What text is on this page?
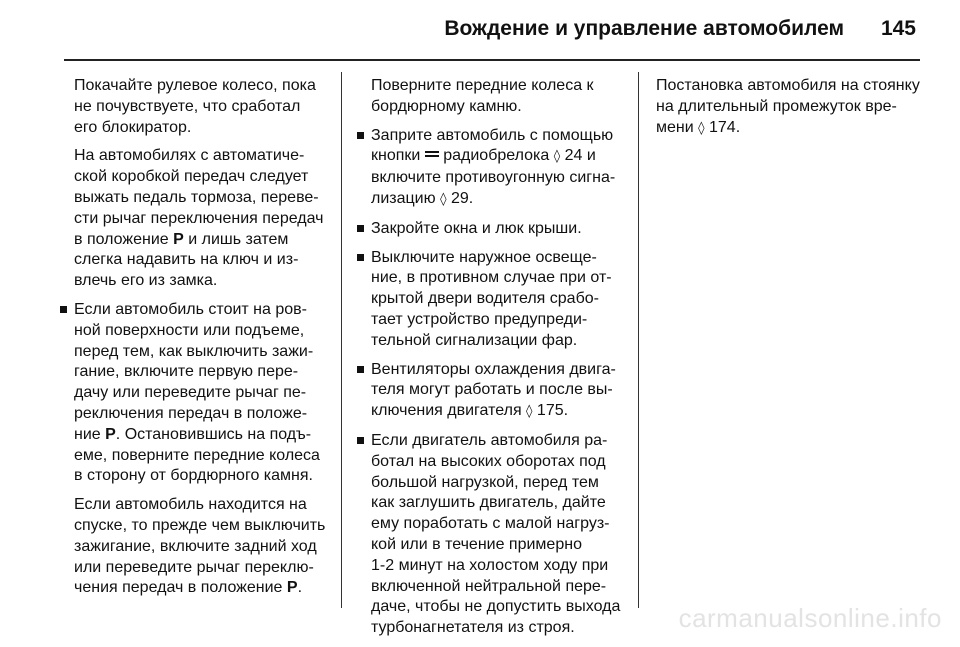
Вождение и управление автомобилем 145
Покачайте рулевое колесо, пока
не почувствуете, что сработал
его блокиратор.
На автомобилях с автоматиче-
ской коробкой передач следует
выжать педаль тормоза, переве-
сти рычаг переключения передач
в положение P и лишь затем
слегка надавить на ключ и из-
влечь его из замка.
Если автомобиль стоит на ров-
ной поверхности или подъеме,
перед тем, как выключить зажи-
гание, включите первую пере-
дачу или переведите рычаг пе-
реключения передач в положе-
ние P. Остановившись на подъ-
еме, поверните передние колеса
в сторону от бордюрного камня.
Если автомобиль находится на
спуске, то прежде чем выключить
зажигание, включите задний ход
или переведите рычаг переклю-
чения передач в положение P.
Поверните передние колеса к
бордюрному камню.
Заприте автомобиль с помощью
кнопки  радиобрелока ◊ 24 и
включите противоугонную сигна-
лизацию ◊ 29.
Закройте окна и люк крыши.
Выключите наружное освеще-
ние, в противном случае при от-
крытой двери водителя срабо-
тает устройство предупреди-
тельной сигнализации фар.
Вентиляторы охлаждения двига-
теля могут работать и после вы-
ключения двигателя ◊ 175.
Если двигатель автомобиля ра-
ботал на высоких оборотах под
большой нагрузкой, перед тем
как заглушить двигатель, дайте
ему поработать с малой нагруз-
кой или в течение примерно
1-2 минут на холостом ходу при
включенной нейтральной пере-
даче, чтобы не допустить выхода
турбонагнетателя из строя.
Постановка автомобиля на стоянку
на длительный промежуток вре-
мени ◊ 174.
carmanualsonline.info
